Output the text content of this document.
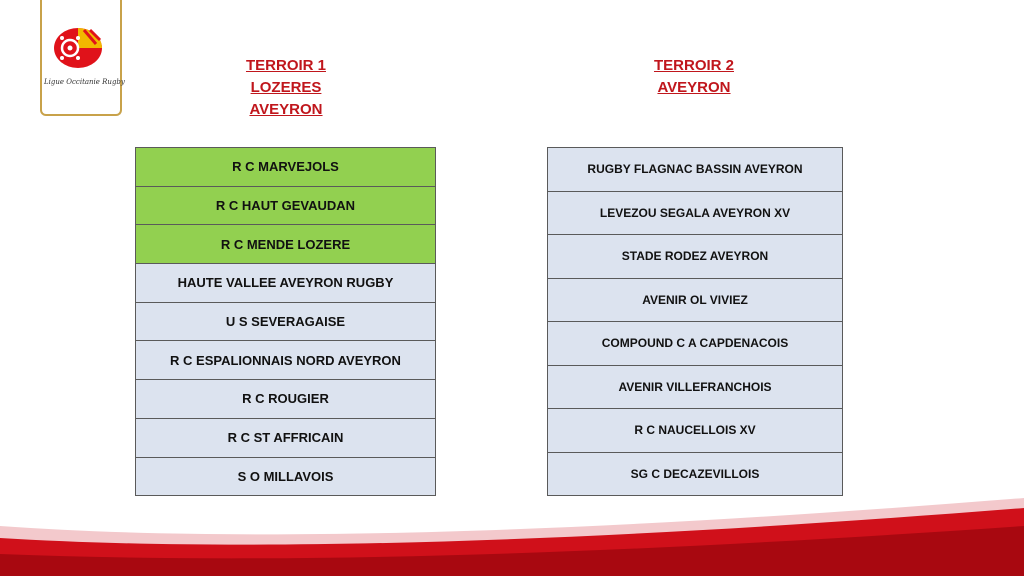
Ligue Occitanie Rugby
TERROIR 1
LOZERES
AVEYRON
TERROIR 2
AVEYRON
R C MARVEJOLS
R C HAUT GEVAUDAN
R C MENDE LOZERE
HAUTE VALLEE AVEYRON RUGBY
U S SEVERAGAISE
R C ESPALIONNAIS NORD AVEYRON
R C ROUGIER
R C ST AFFRICAIN
S O MILLAVOIS
RUGBY FLAGNAC BASSIN AVEYRON
LEVEZOU SEGALA AVEYRON XV
STADE RODEZ AVEYRON
AVENIR OL VIVIEZ
COMPOUND C A CAPDENACOIS
AVENIR VILLEFRANCHOIS
R C NAUCELLOIS XV
SG C DECAZEVILLOIS
